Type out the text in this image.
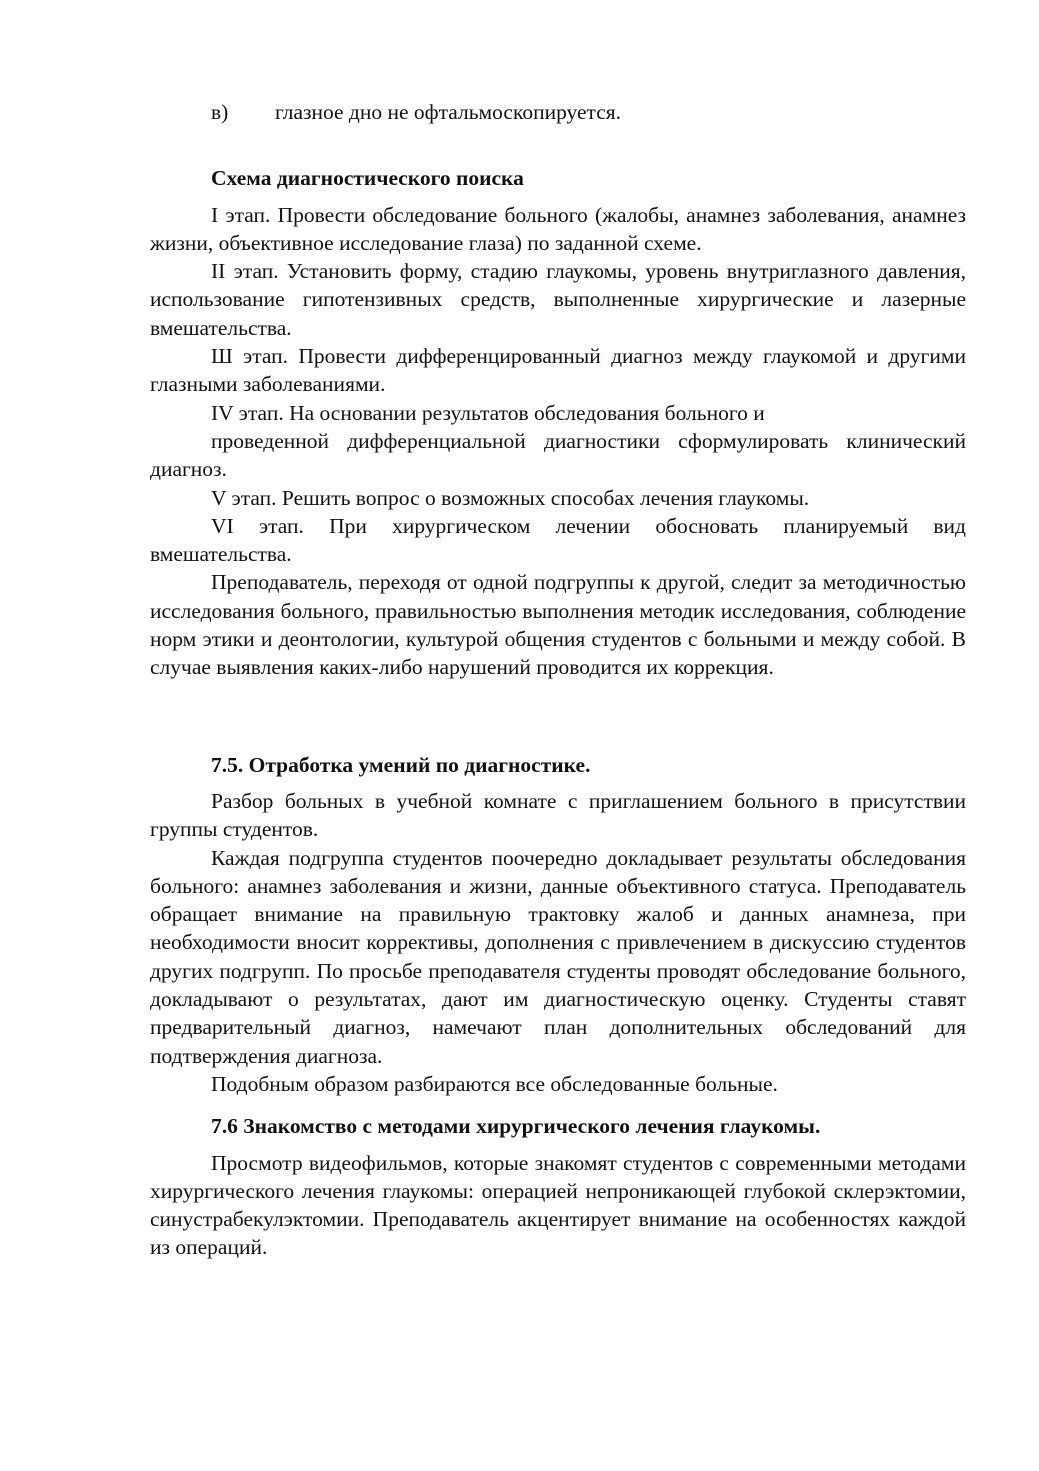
в)	глазное дно не офтальмоскопируется.

Схема диагностического поиска

I этап. Провести обследование больного (жалобы, анамнез заболевания, анамнез жизни, объективное исследование глаза) по заданной схеме.

II этап. Установить форму, стадию глаукомы, уровень внутриглазного давления, использование гипотензивных средств, выполненные хирургические и лазерные вмешательства.

Ш этап. Провести дифференцированный диагноз между глаукомой и другими глазными заболеваниями.

IV этап. На основании результатов обследования больного и

проведенной дифференциальной диагностики сформулировать клинический диагноз.

V этап. Решить вопрос о возможных способах лечения глаукомы.

VI этап. При хирургическом лечении обосновать планируемый вид вмешательства.

Преподаватель, переходя от одной подгруппы к другой, следит за методичностью исследования больного, правильностью выполнения методик исследования, соблюдение норм этики и деонтологии, культурой общения студентов с больными и между собой. В случае выявления каких-либо нарушений проводится их коррекция.

7.5. Отработка умений по диагностике.

Разбор больных в учебной комнате с приглашением больного в присутствии группы студентов.

Каждая подгруппа студентов поочередно докладывает результаты обследования больного: анамнез заболевания и жизни, данные объективного статуса. Преподаватель обращает внимание на правильную трактовку жалоб и данных анамнеза, при необходимости вносит коррективы, дополнения с привлечением в дискуссию студентов других подгрупп. По просьбе преподавателя студенты проводят обследование больного, докладывают о результатах, дают им диагностическую оценку. Студенты ставят предварительный диагноз, намечают план дополнительных обследований для подтверждения диагноза.

Подобным образом разбираются все обследованные больные.

7.6 Знакомство с методами хирургического лечения глаукомы.

Просмотр видеофильмов, которые знакомят студентов с современными методами хирургического лечения глаукомы: операцией непроникающей глубокой склерэктомии, синустрабекулэктомии. Преподаватель акцентирует внимание на особенностях каждой из операций.
